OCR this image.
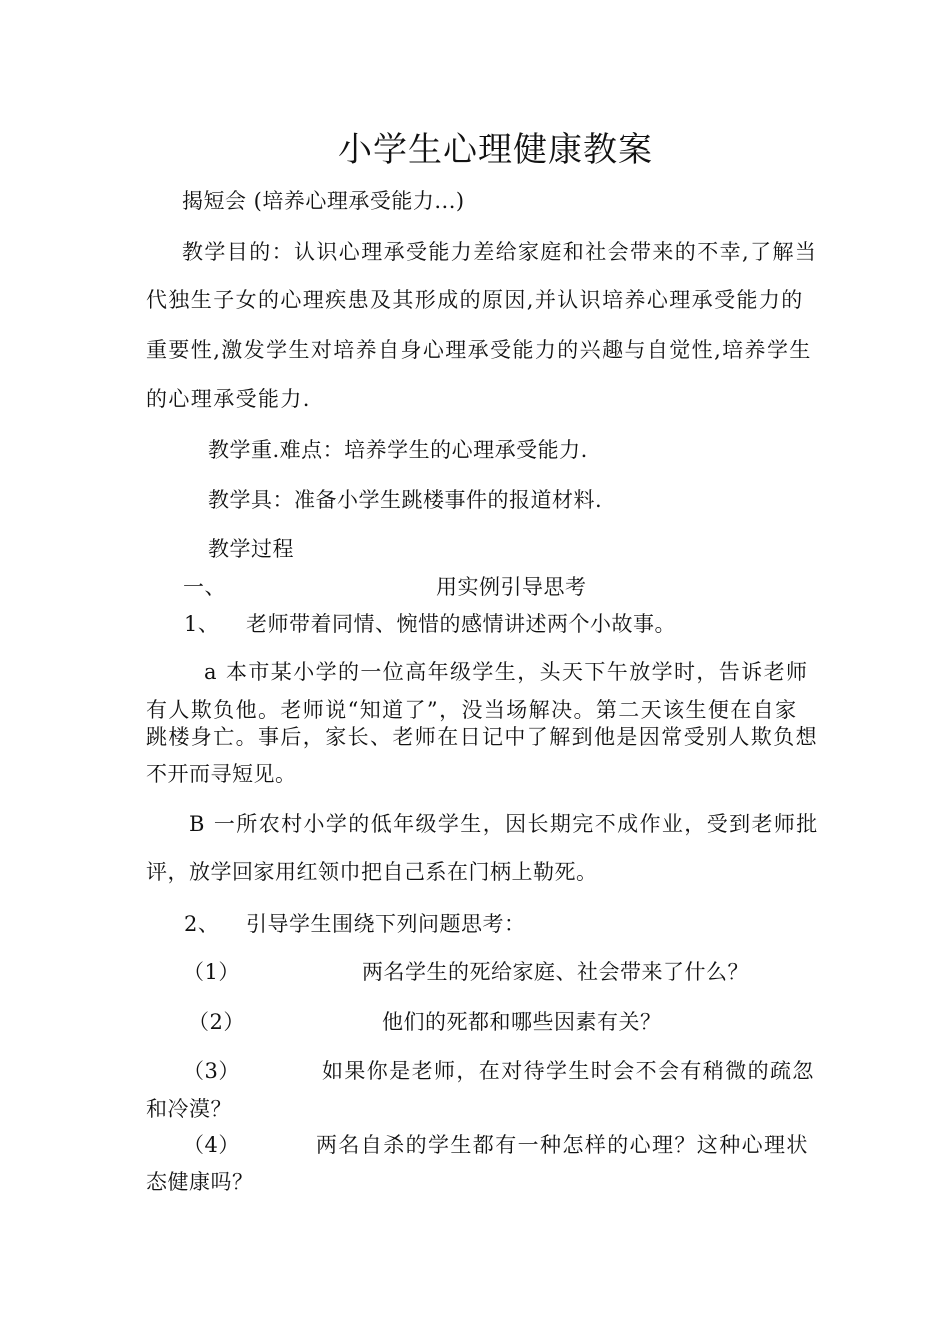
小学生心理健康教案
揭短会 (培养心理承受能力...)
教学目的：认识心理承受能力差给家庭和社会带来的不幸,了解当
代独生子女的心理疾患及其形成的原因,并认识培养心理承受能力的
重要性,激发学生对培养自身心理承受能力的兴趣与自觉性,培养学生
的心理承受能力.
教学重.难点：培养学生的心理承受能力.
教学具：准备小学生跳楼事件的报道材料.
教学过程
一、	用实例引导思考
1、 老师带着同情、惋惜的感情讲述两个小故事。
a 本市某小学的一位高年级学生，头天下午放学时，告诉老师
有人欺负他。老师说“知道了”，没当场解决。第二天该生便在自家
跳楼身亡。事后，家长、老师在日记中了解到他是因常受别人欺负想
不开而寻短见。
B 一所农村小学的低年级学生，因长期完不成作业，受到老师批
评，放学回家用红领巾把自己系在门柄上勒死。
2、 引导学生围绕下列问题思考：
（1）	两名学生的死给家庭、社会带来了什么？
（2）	他们的死都和哪些因素有关？
（3）	如果你是老师，在对待学生时会不会有稍微的疏忽
和冷漠？
（4）	两名自杀的学生都有一种怎样的心理？这种心理状
态健康吗？
